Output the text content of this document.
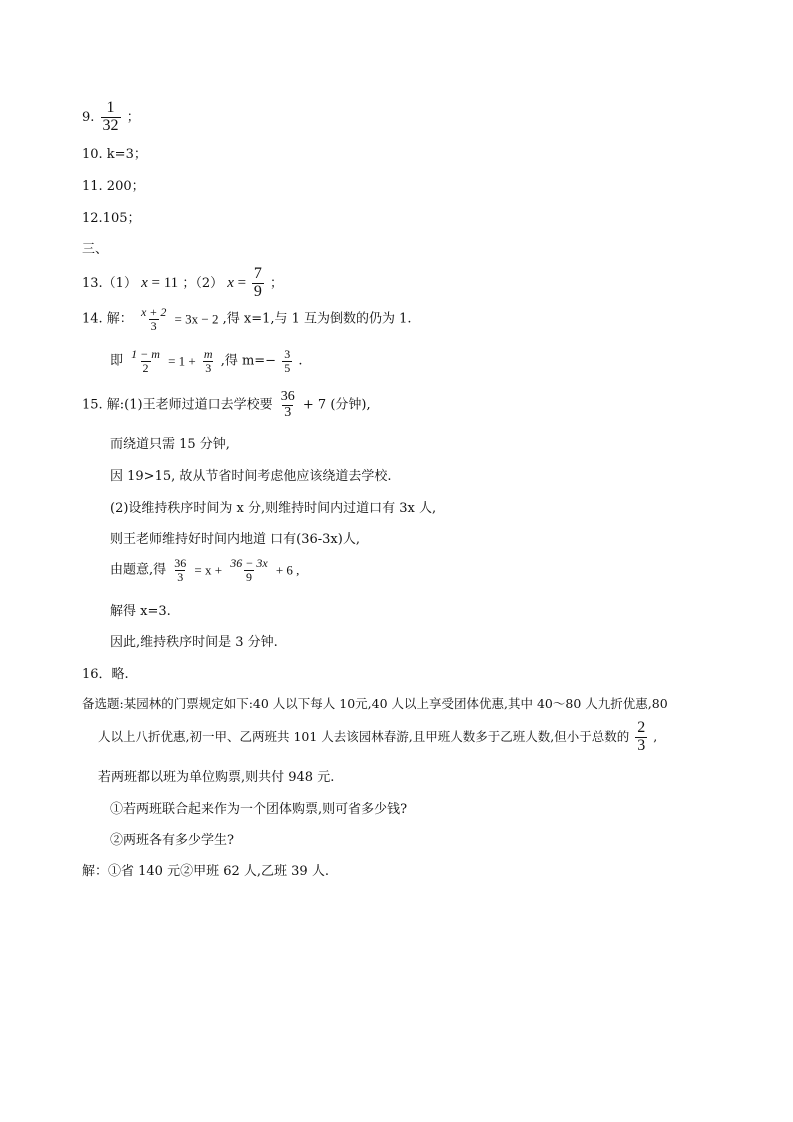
9. $\frac{1}{32}$ ；
10. k=3；
11. 200；
12.105；
三、
13.（1） x = 11 ；（2） $x = \frac{7}{9}$ ；
14. 解： $\frac{x + 2}{3} = 3x - 2$ ,得 x=1,与 1 互为倒数的仍为 1.
即 $\frac{1 - m}{2} = 1 + \frac{m}{3}$ ,得 $m=- \frac{3}{5}$ .
15. 解:(1)王老师过道口去学校要 $\frac{36}{3} + 7$ (分钟),
而绕道只需 15 分钟,
因 19>15, 故从节省时间考虑他应该绕道去学校.
(2)设维持秩序时间为 x 分,则维持时间内过道口有 3x 人,
则王老师维持好时间内地道 口有(36-3x)人,
由题意,得 $\frac{36}{3} = x + \frac{36 - 3x}{9} + 6$ ,
解得 x=3.
因此,维持秩序时间是 3 分钟.
16．略.
备选题:某园林的门票规定如下:40 人以下每人 10元,40 人以上享受团体优惠,其中 40～80 人九折优惠,80
人以上八折优惠,初一甲、乙两班共 101 人去该园林春游,且甲班人数多于乙班人数,但小于总数的 $\frac{2}{3}$ ,
若两班都以班为单位购票,则共付 948 元.
①若两班联合起来作为一个团体购票,则可省多少钱?
②两班各有多少学生?
解：①省 140 元②甲班 62 人,乙班 39 人.
